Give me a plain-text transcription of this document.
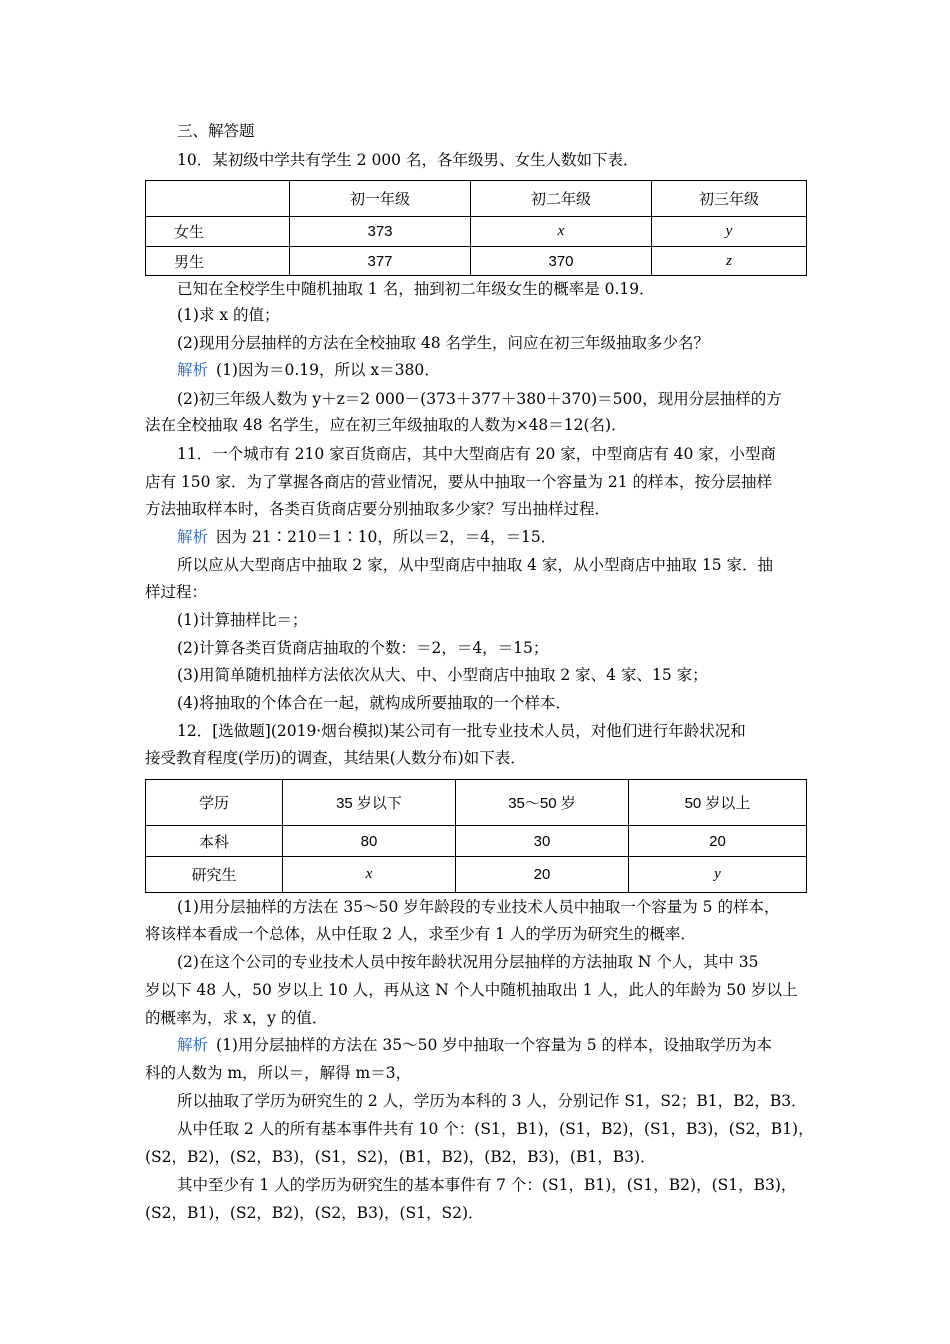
三、解答题
10．某初级中学共有学生 2 000 名，各年级男、女生人数如下表．
	初一年级	初二年级	初三年级
女生	373	x	y
男生	377	370	z
已知在全校学生中随机抽取 1 名，抽到初二年级女生的概率是 0.19．
(1)求 x 的值；
(2)现用分层抽样的方法在全校抽取 48 名学生，问应在初三年级抽取多少名？
解析 (1)因为＝0.19，所以 x＝380．
(2)初三年级人数为 y＋z＝2 000－(373＋377＋380＋370)＝500，现用分层抽样的方
法在全校抽取 48 名学生，应在初三年级抽取的人数为×48＝12(名)．
11．一个城市有 210 家百货商店，其中大型商店有 20 家，中型商店有 40 家，小型商
店有 150 家．为了掌握各商店的营业情况，要从中抽取一个容量为 21 的样本，按分层抽样
方法抽取样本时，各类百货商店要分别抽取多少家？写出抽样过程．
解析 因为 21∶210＝1∶10，所以＝2，＝4，＝15．
所以应从大型商店中抽取 2 家，从中型商店中抽取 4 家，从小型商店中抽取 15 家．抽
样过程：
(1)计算抽样比＝；
(2)计算各类百货商店抽取的个数：＝2，＝4，＝15；
(3)用简单随机抽样方法依次从大、中、小型商店中抽取 2 家、4 家、15 家；
(4)将抽取的个体合在一起，就构成所要抽取的一个样本．
12．[选做题](2019·烟台模拟)某公司有一批专业技术人员，对他们进行年龄状况和
接受教育程度(学历)的调查，其结果(人数分布)如下表．
学历	35 岁以下	35～50 岁	50 岁以上
本科	80	30	20
研究生	x	20	y
(1)用分层抽样的方法在 35～50 岁年龄段的专业技术人员中抽取一个容量为 5 的样本，
将该样本看成一个总体，从中任取 2 人，求至少有 1 人的学历为研究生的概率．
(2)在这个公司的专业技术人员中按年龄状况用分层抽样的方法抽取 N 个人，其中 35
岁以下 48 人，50 岁以上 10 人，再从这 N 个人中随机抽取出 1 人，此人的年龄为 50 岁以上
的概率为，求 x，y 的值．
解析 (1)用分层抽样的方法在 35～50 岁中抽取一个容量为 5 的样本，设抽取学历为本
科的人数为 m，所以＝，解得 m＝3，
所以抽取了学历为研究生的 2 人，学历为本科的 3 人，分别记作 S1，S2；B1，B2，B3．
从中任取 2 人的所有基本事件共有 10 个：(S1，B1)，(S1，B2)，(S1，B3)，(S2，B1)，
(S2，B2)，(S2，B3)，(S1，S2)，(B1，B2)，(B2，B3)，(B1，B3)．
其中至少有 1 人的学历为研究生的基本事件有 7 个：(S1，B1)，(S1，B2)，(S1，B3)，
(S2，B1)，(S2，B2)，(S2，B3)，(S1，S2)．
